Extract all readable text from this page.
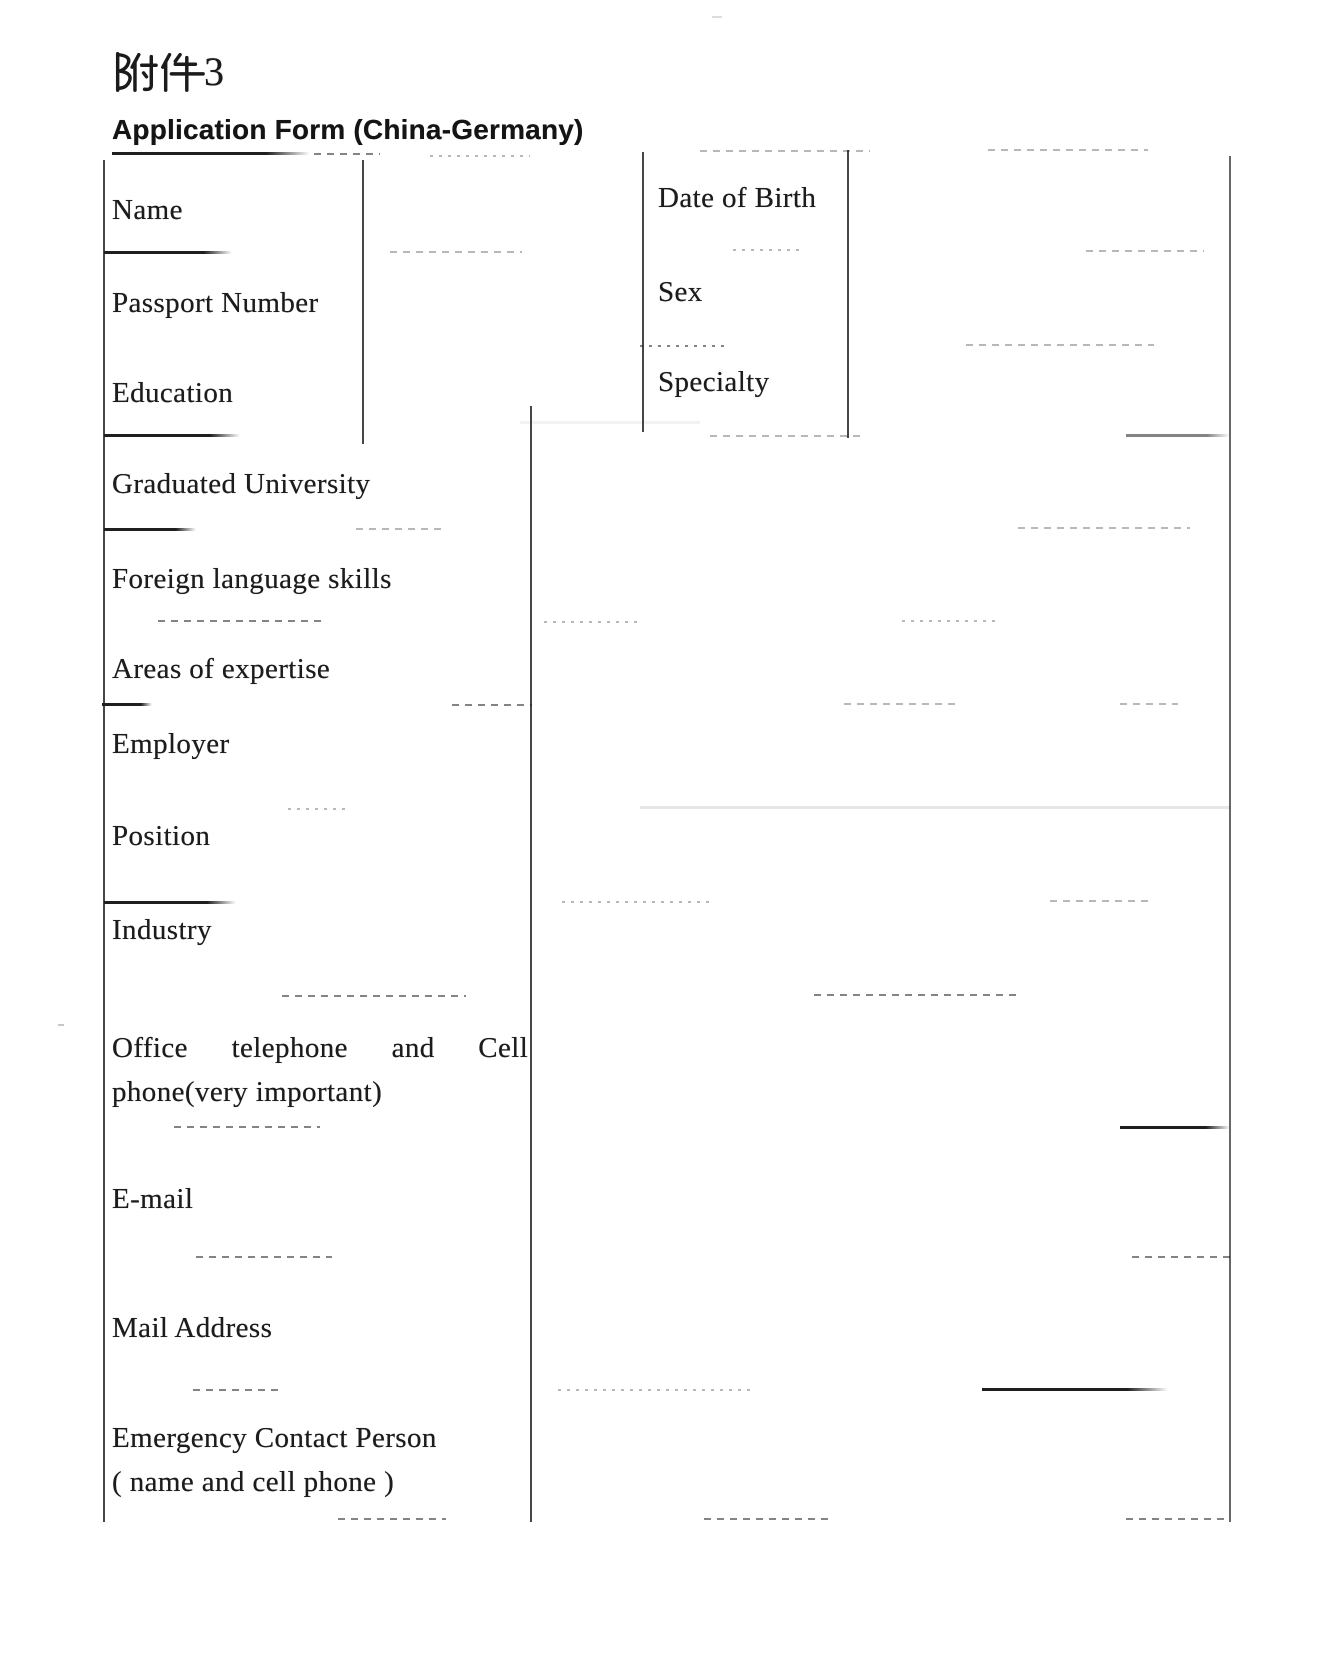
3
Application Form (China-Germany)
Name	Date of Birth
Passport Number	Sex
Education	Specialty
Graduated University
Foreign language skills
Areas of expertise
Employer
Position
Industry
Office telephone and Cell
phone(very important)
E-mail
Mail Address
Emergency Contact Person
( name and cell phone )
